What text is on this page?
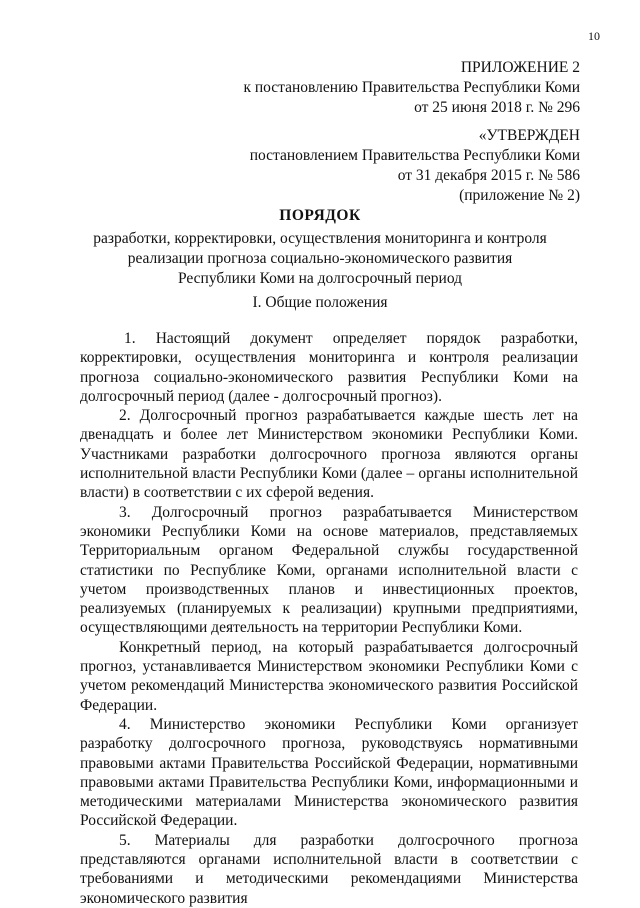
10
ПРИЛОЖЕНИЕ 2
к постановлению Правительства Республики Коми
от 25 июня 2018 г. № 296
«УТВЕРЖДЕН
постановлением Правительства Республики Коми
от 31 декабря 2015 г. № 586
(приложение № 2)
ПОРЯДОК
разработки, корректировки, осуществления мониторинга и контроля
реализации прогноза социально-экономического развития
Республики Коми на долгосрочный период
I. Общие положения

1. Настоящий документ определяет порядок разработки, корректировки, осуществления мониторинга и контроля реализации прогноза социально-экономического развития Республики Коми на долгосрочный период (далее - долгосрочный прогноз).

2. Долгосрочный прогноз разрабатывается каждые шесть лет на двенадцать и более лет Министерством экономики Республики Коми. Участниками разработки долгосрочного прогноза являются органы исполнительной власти Республики Коми (далее – органы исполнительной власти) в соответствии с их сферой ведения.

3. Долгосрочный прогноз разрабатывается Министерством экономики Республики Коми на основе материалов, представляемых Территориальным органом Федеральной службы государственной статистики по Республике Коми, органами исполнительной власти с учетом производственных планов и инвестиционных проектов, реализуемых (планируемых к реализации) крупными предприятиями, осуществляющими деятельность на территории Республики Коми.

Конкретный период, на который разрабатывается долгосрочный прогноз, устанавливается Министерством экономики Республики Коми с учетом рекомендаций Министерства экономического развития Российской Федерации.

4. Министерство экономики Республики Коми организует разработку долгосрочного прогноза, руководствуясь нормативными правовыми актами Правительства Российской Федерации, нормативными правовыми актами Правительства Республики Коми, информационными и методическими материалами Министерства экономического развития Российской Федерации.

5. Материалы для разработки долгосрочного прогноза представляются органами исполнительной власти в соответствии с требованиями и методическими рекомендациями Министерства экономического развития
